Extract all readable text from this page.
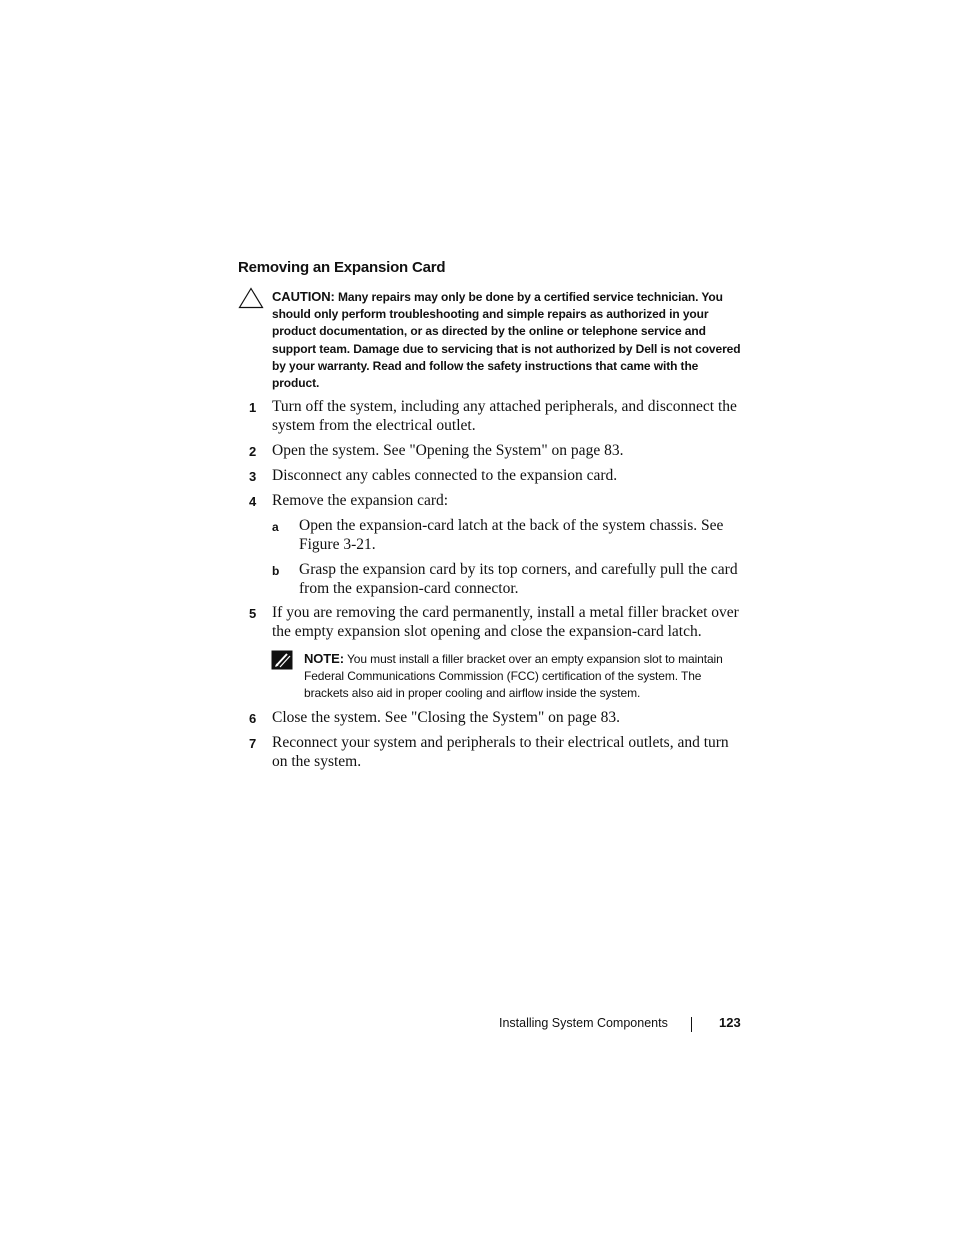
Removing an Expansion Card
CAUTION: Many repairs may only be done by a certified service technician. You should only perform troubleshooting and simple repairs as authorized in your product documentation, or as directed by the online or telephone service and support team. Damage due to servicing that is not authorized by Dell is not covered by your warranty. Read and follow the safety instructions that came with the product.
1 Turn off the system, including any attached peripherals, and disconnect the system from the electrical outlet.
2 Open the system. See "Opening the System" on page 83.
3 Disconnect any cables connected to the expansion card.
4 Remove the expansion card:
a Open the expansion-card latch at the back of the system chassis. See Figure 3-21.
b Grasp the expansion card by its top corners, and carefully pull the card from the expansion-card connector.
5 If you are removing the card permanently, install a metal filler bracket over the empty expansion slot opening and close the expansion-card latch.
NOTE: You must install a filler bracket over an empty expansion slot to maintain Federal Communications Commission (FCC) certification of the system. The brackets also aid in proper cooling and airflow inside the system.
6 Close the system. See "Closing the System" on page 83.
7 Reconnect your system and peripherals to their electrical outlets, and turn on the system.
Installing System Components	123
